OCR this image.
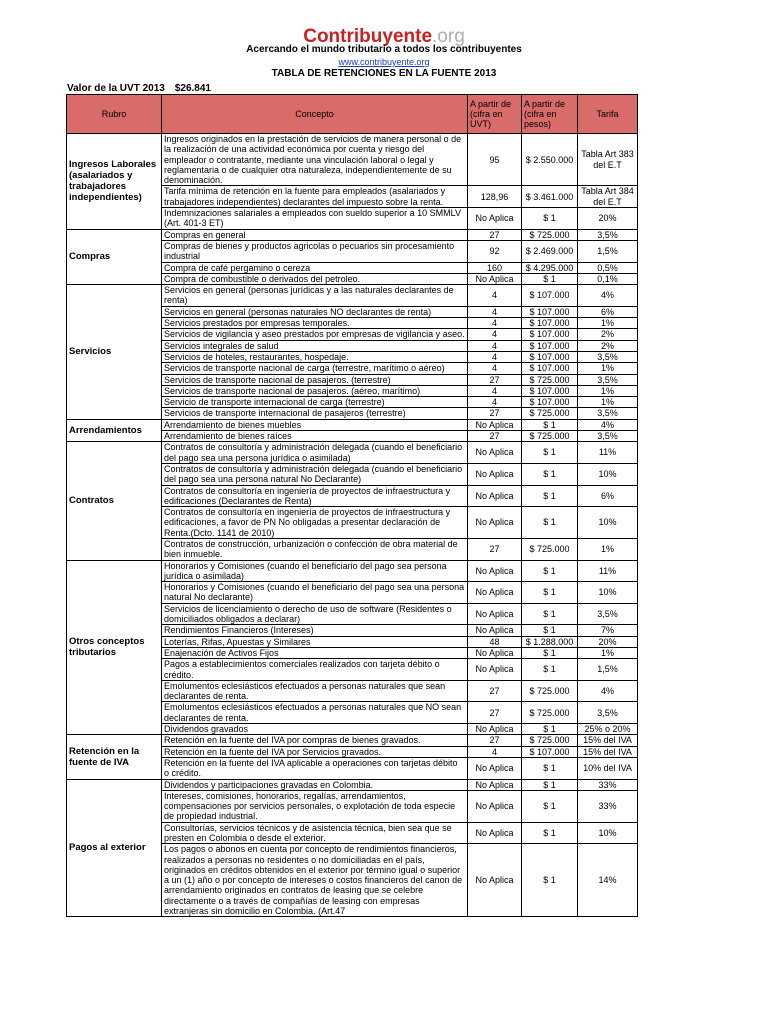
Contribuyente.org
Acercando el mundo tributario a todos los contribuyentes
www.contribuyente.org
TABLA DE RETENCIONES EN LA FUENTE 2013
Valor de la UVT 2013 $26.841
Rubro	Concepto	A partir de (cifra en UVT)	A partir de (cifra en pesos)	Tarifa
Ingresos Laborales (asalariados y trabajadores independientes)	Ingresos originados en la prestación de servicios de manera personal o de la realización de una actividad económica por cuenta y riesgo del empleador o contratante, mediante una vinculación laboral o legal y reglamentaria o de cualquier otra naturaleza, independientemente de su denominación.	95	$ 2.550.000	Tabla Art 383 del E.T
	Tarifa mínima de retención en la fuente para empleados (asalariados y trabajadores independientes) declarantes del impuesto sobre la renta.	128,96	$ 3.461.000	Tabla Art 384 del E.T
	Indemnizaciones salariales a empleados con sueldo superior a 10 SMMLV (Art. 401-3 ET)	No Aplica	$ 1	20%
Compras	Compras en general	27	$ 725.000	3,5%
	Compras de bienes y productos agricolas o pecuarios sin procesamiento industrial	92	$ 2.469.000	1,5%
	Compra de café pergamino o cereza	160	$ 4.295.000	0,5%
	Compra de combustible o derivados del petroleo.	No Aplica	$ 1	0,1%
Servicios	Servicios en general (personas jurídicas y a las naturales declarantes de renta)	4	$ 107.000	4%
	Servicios en general (personas naturales NO declarantes de renta)	4	$ 107.000	6%
	Servicios prestados por empresas temporales.	4	$ 107.000	1%
	Servicios de vigilancia y aseo prestados por empresas de vigilancia y aseo.	4	$ 107.000	2%
	Servicios integrales de salud	4	$ 107.000	2%
	Servicios de hoteles, restaurantes, hospedaje.	4	$ 107.000	3,5%
	Servicios de transporte nacional de carga (terrestre, marítimo o aéreo)	4	$ 107.000	1%
	Servicios de transporte nacional de pasajeros. (terrestre)	27	$ 725.000	3,5%
	Servicios de transporte nacional de pasajeros. (aéreo, marítimo)	4	$ 107.000	1%
	Servicio de transporte internacional de carga (terrestre)	4	$ 107.000	1%
	Servicios de transporte internacional de pasajeros (terrestre)	27	$ 725.000	3,5%
Arrendamientos	Arrendamiento de bienes muebles	No Aplica	$ 1	4%
	Arrendamiento de bienes raíces	27	$ 725.000	3,5%
Contratos	Contratos de consultoría y administración delegada (cuando el beneficiario del pago sea una persona jurídica o asimilada)	No Aplica	$ 1	11%
	Contratos de consultoría y administración delegada (cuando el beneficiario del pago sea una persona natural No Declarante)	No Aplica	$ 1	10%
	Contratos de consultoría en ingeniería de proyectos de infraestructura y edificaciones (Declarantes de Renta)	No Aplica	$ 1	6%
	Contratos de consultoría en ingeniería de proyectos de infraestructura y edificaciones, a favor de PN No obligadas a presentar declaración de Renta.(Dcto. 1141 de 2010)	No Aplica	$ 1	10%
	Contratos de construcción, urbanización o confección de obra material de bien inmueble.	27	$ 725.000	1%
Otros conceptos tributarios	Honorarios y Comisiones (cuando el beneficiario del pago sea persona jurídica o asimilada)	No Aplica	$ 1	11%
	Honorarios y Comisiones (cuando el beneficiario del pago sea una persona natural No declarante)	No Aplica	$ 1	10%
	Servicios de licenciamiento o derecho de uso de software (Residentes o domiciliados obligados a declarar)	No Aplica	$ 1	3,5%
	Rendimientos Financieros (Intereses)	No Aplica	$ 1	7%
	Loterías, Rifas, Apuestas y Similares	48	$ 1.288.000	20%
	Enajenación de Activos Fijos	No Aplica	$ 1	1%
	Pagos a establecimientos comerciales realizados con tarjeta débito o crédito.	No Aplica	$ 1	1,5%
	Emolumentos eclesiásticos efectuados a personas naturales que sean declarantes de renta.	27	$ 725.000	4%
	Emolumentos eclesiásticos efectuados a personas naturales que NO sean declarantes de renta.	27	$ 725.000	3,5%
	Dividendos gravados	No Aplica	$ 1	25% o 20%
Retención en la fuente de IVA	Retención en la fuente del IVA por compras de bienes gravados.	27	$ 725.000	15% del IVA
	Retención en la fuente del IVA por Servicios gravados.	4	$ 107.000	15% del IVA
	Retención en la fuente del IVA aplicable a operaciones con tarjetas débito o crédito.	No Aplica	$ 1	10% del IVA
Pagos al exterior	Dividendos y participaciones gravadas en Colombia.	No Aplica	$ 1	33%
	Intereses, comisiones, honorarios, regalías, arrendamientos, compensaciones por servicios personales, o explotación de toda especie de propiedad industrial.	No Aplica	$ 1	33%
	Consultorías, servicios técnicos y de asistencia técnica, bien sea que se presten en Colombia o desde el exterior.	No Aplica	$ 1	10%
	Los pagos o abonos en cuenta por concepto de rendimientos financieros, realizados a personas no residentes o no domiciliadas en el país, originados en créditos obtenidos en el exterior por término igual o superior a un (1) año o por concepto de intereses o costos financieros del canon de arrendamiento originados en contratos de leasing que se celebre directamente o a través de compañías de leasing con empresas extranjeras sin domicilio en Colombia. (Art.47	No Aplica	$ 1	14%
